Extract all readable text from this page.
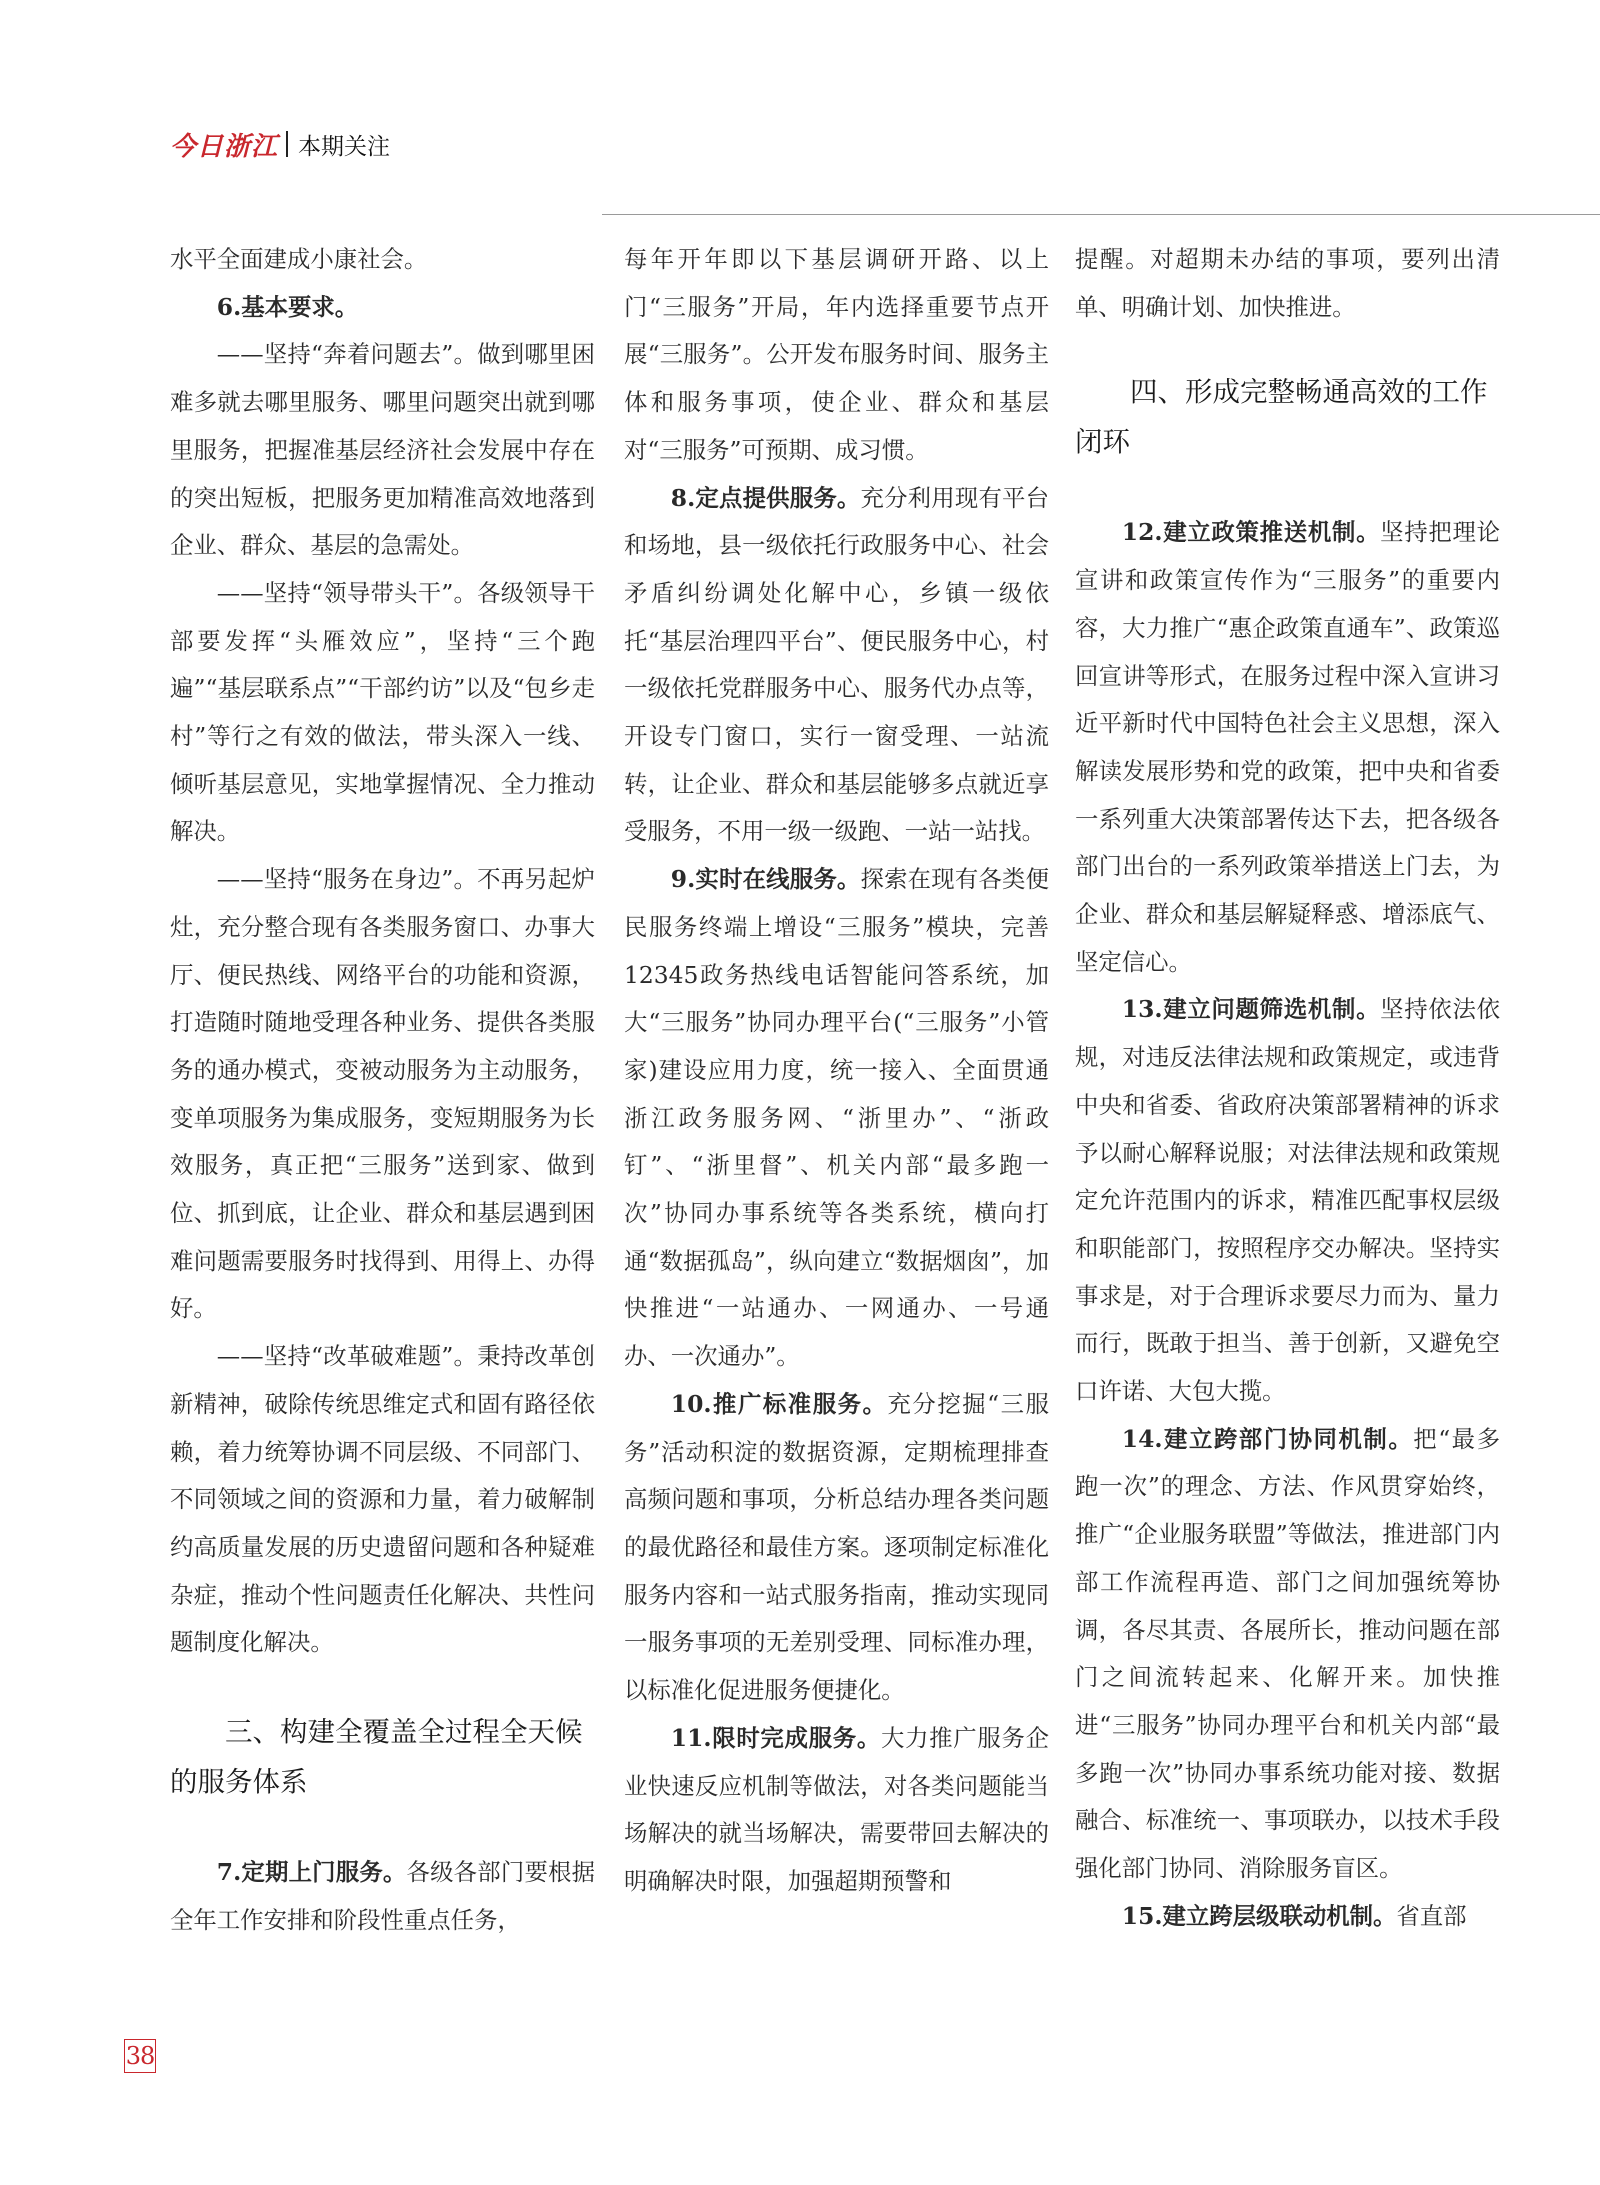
今日浙江 本期关注

水平全面建成小康社会。

6.基本要求。

——坚持“奔着问题去”。做到哪里困难多就去哪里服务、哪里问题突出就到哪里服务，把握准基层经济社会发展中存在的突出短板，把服务更加精准高效地落到企业、群众、基层的急需处。

——坚持“领导带头干”。各级领导干部要发挥“头雁效应”，坚持“三个跑遍”“基层联系点”“干部约访”以及“包乡走村”等行之有效的做法，带头深入一线、倾听基层意见，实地掌握情况、全力推动解决。

——坚持“服务在身边”。不再另起炉灶，充分整合现有各类服务窗口、办事大厅、便民热线、网络平台的功能和资源，打造随时随地受理各种业务、提供各类服务的通办模式，变被动服务为主动服务，变单项服务为集成服务，变短期服务为长效服务，真正把“三服务”送到家、做到位、抓到底，让企业、群众和基层遇到困难问题需要服务时找得到、用得上、办得好。

——坚持“改革破难题”。秉持改革创新精神，破除传统思维定式和固有路径依赖，着力统筹协调不同层级、不同部门、不同领域之间的资源和力量，着力破解制约高质量发展的历史遗留问题和各种疑难杂症，推动个性问题责任化解决、共性问题制度化解决。

三、构建全覆盖全过程全天候的服务体系

7.定期上门服务。各级各部门要根据全年工作安排和阶段性重点任务，

每年开年即以下基层调研开路、以上门“三服务”开局，年内选择重要节点开展“三服务”。公开发布服务时间、服务主体和服务事项，使企业、群众和基层对“三服务”可预期、成习惯。

8.定点提供服务。充分利用现有平台和场地，县一级依托行政服务中心、社会矛盾纠纷调处化解中心，乡镇一级依托“基层治理四平台”、便民服务中心，村一级依托党群服务中心、服务代办点等，开设专门窗口，实行一窗受理、一站流转，让企业、群众和基层能够多点就近享受服务，不用一级一级跑、一站一站找。

9.实时在线服务。探索在现有各类便民服务终端上增设“三服务”模块，完善12345政务热线电话智能问答系统，加大“三服务”协同办理平台(“三服务”小管家)建设应用力度，统一接入、全面贯通浙江政务服务网、“浙里办”、“浙政钉”、“浙里督”、机关内部“最多跑一次”协同办事系统等各类系统，横向打通“数据孤岛”，纵向建立“数据烟囱”，加快推进“一站通办、一网通办、一号通办、一次通办”。

10.推广标准服务。充分挖掘“三服务”活动积淀的数据资源，定期梳理排查高频问题和事项，分析总结办理各类问题的最优路径和最佳方案。逐项制定标准化服务内容和一站式服务指南，推动实现同一服务事项的无差别受理、同标准办理，以标准化促进服务便捷化。

11.限时完成服务。大力推广服务企业快速反应机制等做法，对各类问题能当场解决的就当场解决，需要带回去解决的明确解决时限，加强超期预警和

提醒。对超期未办结的事项，要列出清单、明确计划、加快推进。

四、形成完整畅通高效的工作闭环

12.建立政策推送机制。坚持把理论宣讲和政策宣传作为“三服务”的重要内容，大力推广“惠企政策直通车”、政策巡回宣讲等形式，在服务过程中深入宣讲习近平新时代中国特色社会主义思想，深入解读发展形势和党的政策，把中央和省委一系列重大决策部署传达下去，把各级各部门出台的一系列政策举措送上门去，为企业、群众和基层解疑释惑、增添底气、坚定信心。

13.建立问题筛选机制。坚持依法依规，对违反法律法规和政策规定，或违背中央和省委、省政府决策部署精神的诉求予以耐心解释说服；对法律法规和政策规定允许范围内的诉求，精准匹配事权层级和职能部门，按照程序交办解决。坚持实事求是，对于合理诉求要尽力而为、量力而行，既敢于担当、善于创新，又避免空口许诺、大包大揽。

14.建立跨部门协同机制。把“最多跑一次”的理念、方法、作风贯穿始终，推广“企业服务联盟”等做法，推进部门内部工作流程再造、部门之间加强统筹协调，各尽其责、各展所长，推动问题在部门之间流转起来、化解开来。加快推进“三服务”协同办理平台和机关内部“最多跑一次”协同办事系统功能对接、数据融合、标准统一、事项联办，以技术手段强化部门协同、消除服务盲区。

15.建立跨层级联动机制。省直部

38
